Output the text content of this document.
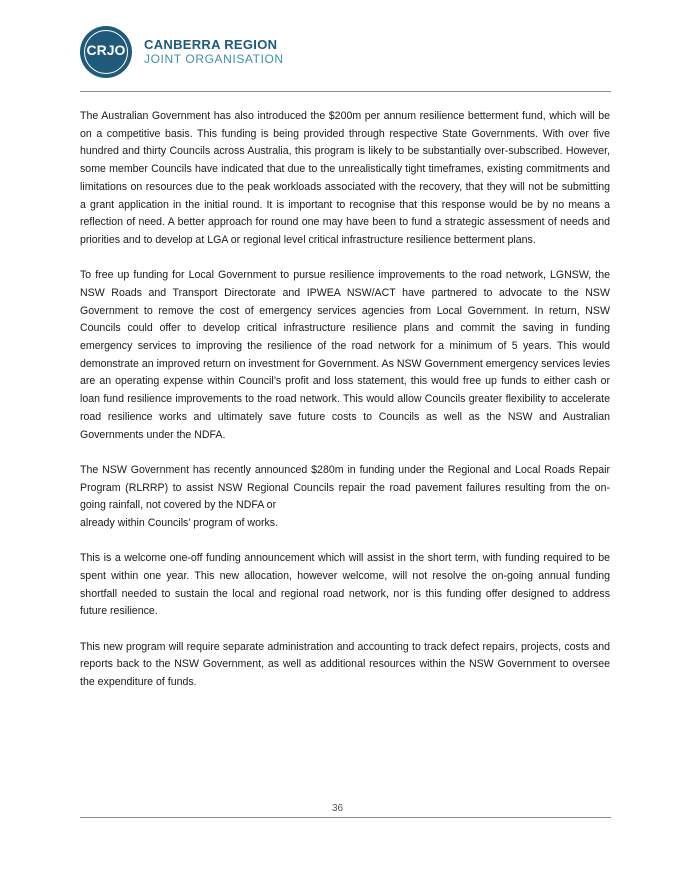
CRJO	CANBERRA REGION
JOINT ORGANISATION

The Australian Government has also introduced the $200m per annum resilience betterment fund, which will be on a competitive basis. This funding is being provided through respective State Governments. With over five hundred and thirty Councils across Australia, this program is likely to be substantially over-subscribed. However, some member Councils have indicated that due to the unrealistically tight timeframes, existing commitments and limitations on resources due to the peak workloads associated with the recovery, that they will not be submitting a grant application in the initial round. It is important to recognise that this response would be by no means a reflection of need. A better approach for round one may have been to fund a strategic assessment of needs and priorities and to develop at LGA or regional level critical infrastructure resilience betterment plans.

To free up funding for Local Government to pursue resilience improvements to the road network, LGNSW, the NSW Roads and Transport Directorate and IPWEA NSW/ACT have partnered to advocate to the NSW Government to remove the cost of emergency services agencies from Local Government. In return, NSW Councils could offer to develop critical infrastructure resilience plans and commit the saving in funding emergency services to improving the resilience of the road network for a minimum of 5 years. This would demonstrate an improved return on investment for Government. As NSW Government emergency services levies are an operating expense within Council’s profit and loss statement, this would free up funds to either cash or loan fund resilience improvements to the road network. This would allow Councils greater flexibility to accelerate road resilience works and ultimately save future costs to Councils as well as the NSW and Australian Governments under the NDFA.

The NSW Government has recently announced $280m in funding under the Regional and Local Roads Repair Program (RLRRP) to assist NSW Regional Councils repair the road pavement failures resulting from the on-going rainfall, not covered by the NDFA or
already within Councils’ program of works.

This is a welcome one-off funding announcement which will assist in the short term, with funding required to be spent within one year. This new allocation, however welcome, will not resolve the on-going annual funding shortfall needed to sustain the local and regional road network, nor is this funding offer designed to address future resilience.

This new program will require separate administration and accounting to track defect repairs, projects, costs and reports back to the NSW Government, as well as additional resources within the NSW Government to oversee the expenditure of funds.

36
